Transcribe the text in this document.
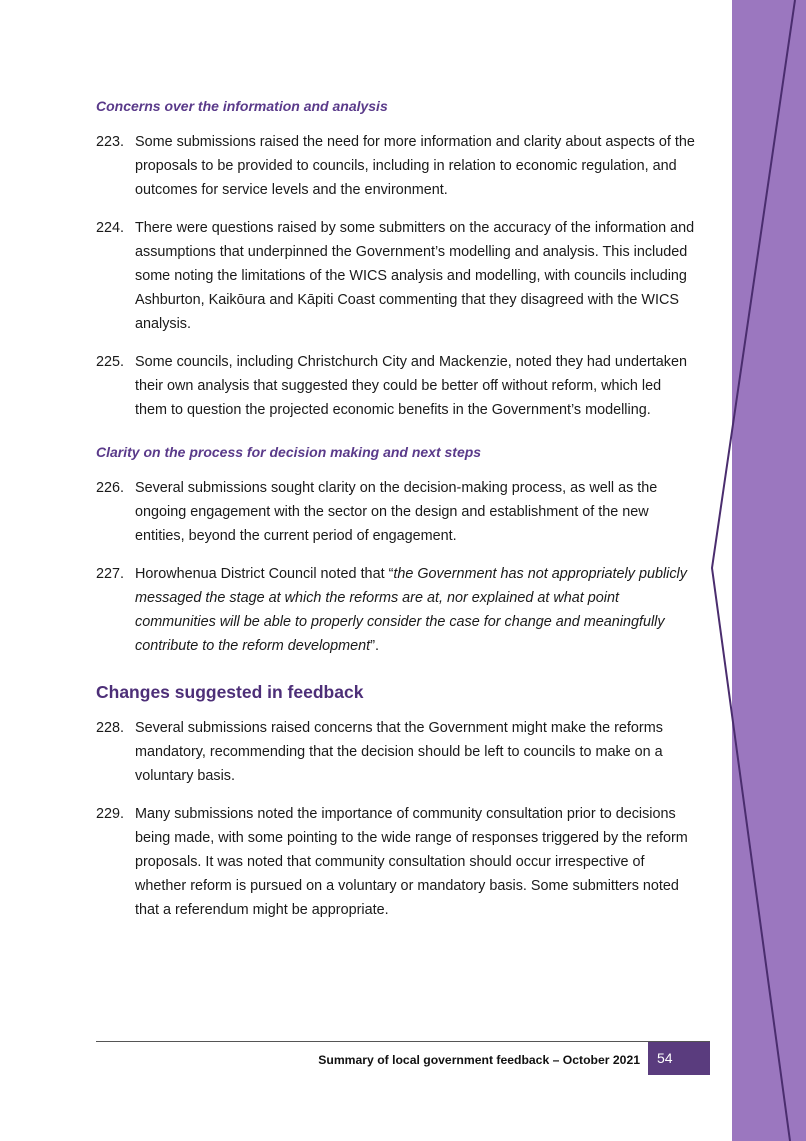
Concerns over the information and analysis
223. Some submissions raised the need for more information and clarity about aspects of the proposals to be provided to councils, including in relation to economic regulation, and outcomes for service levels and the environment.
224. There were questions raised by some submitters on the accuracy of the information and assumptions that underpinned the Government’s modelling and analysis. This included some noting the limitations of the WICS analysis and modelling, with councils including Ashburton, Kaikōura and Kāpiti Coast commenting that they disagreed with the WICS analysis.
225. Some councils, including Christchurch City and Mackenzie, noted they had undertaken their own analysis that suggested they could be better off without reform, which led them to question the projected economic benefits in the Government’s modelling.
Clarity on the process for decision making and next steps
226. Several submissions sought clarity on the decision-making process, as well as the ongoing engagement with the sector on the design and establishment of the new entities, beyond the current period of engagement.
227. Horowhenua District Council noted that “the Government has not appropriately publicly messaged the stage at which the reforms are at, nor explained at what point communities will be able to properly consider the case for change and meaningfully contribute to the reform development”.
Changes suggested in feedback
228. Several submissions raised concerns that the Government might make the reforms mandatory, recommending that the decision should be left to councils to make on a voluntary basis.
229. Many submissions noted the importance of community consultation prior to decisions being made, with some pointing to the wide range of responses triggered by the reform proposals. It was noted that community consultation should occur irrespective of whether reform is pursued on a voluntary or mandatory basis. Some submitters noted that a referendum might be appropriate.
Summary of local government feedback – October 2021	54
